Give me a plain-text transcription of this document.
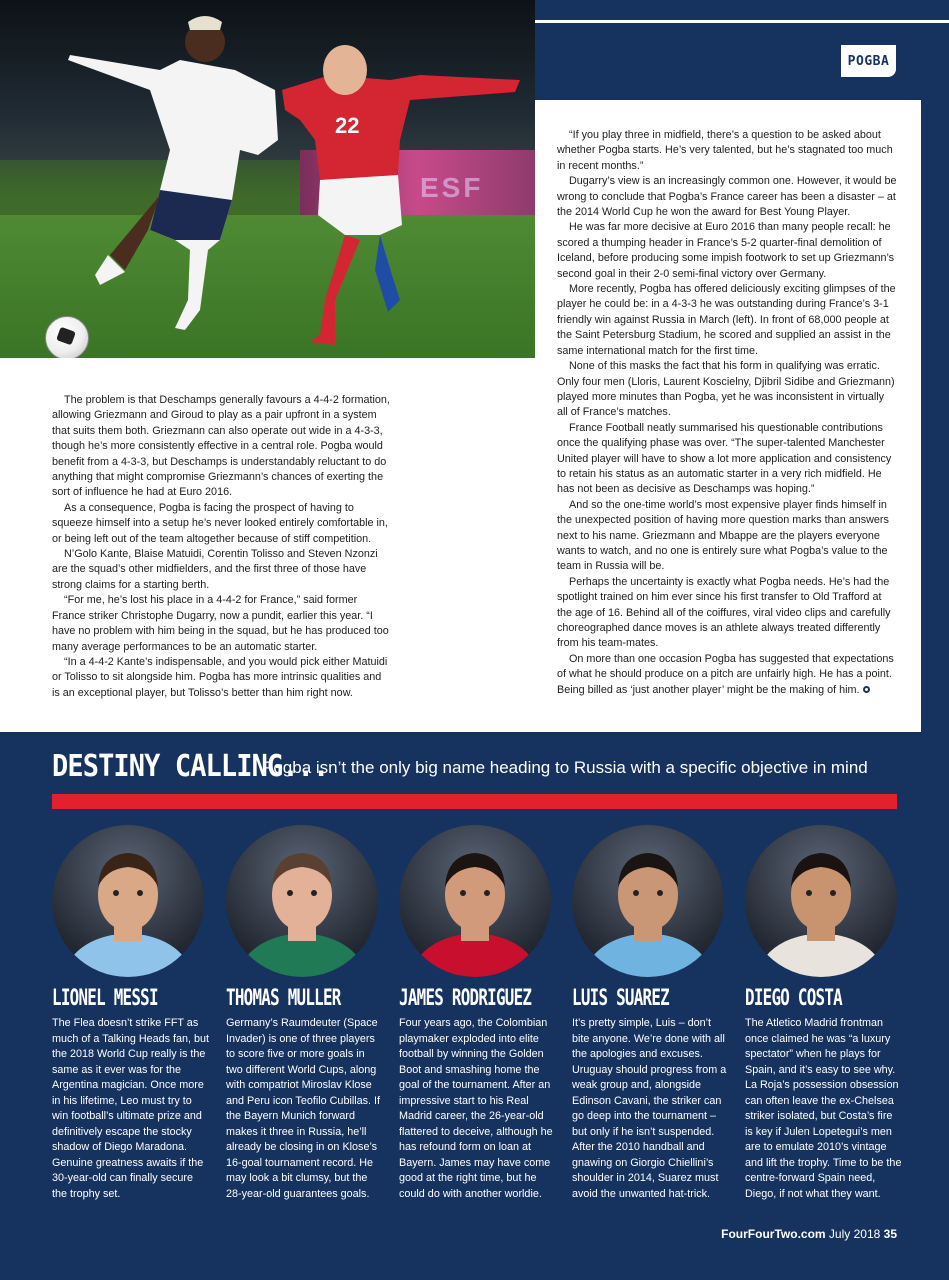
ESF
22
POGBA

The problem is that Deschamps generally favours a 4-4-2 formation, allowing Griezmann and Giroud to play as a pair upfront in a system that suits them both. Griezmann can also operate out wide in a 4-3-3, though he’s more consistently effective in a central role. Pogba would benefit from a 4-3-3, but Deschamps is understandably reluctant to do anything that might compromise Griezmann’s chances of exerting the sort of influence he had at Euro 2016.

As a consequence, Pogba is facing the prospect of having to squeeze himself into a setup he’s never looked entirely comfortable in, or being left out of the team altogether because of stiff competition.

N’Golo Kante, Blaise Matuidi, Corentin Tolisso and Steven Nzonzi are the squad’s other midfielders, and the first three of those have strong claims for a starting berth.

“For me, he’s lost his place in a 4-4-2 for France,” said former France striker Christophe Dugarry, now a pundit, earlier this year. “I have no problem with him being in the squad, but he has produced too many average performances to be an automatic starter.

“In a 4-4-2 Kante’s indispensable, and you would pick either Matuidi or Tolisso to sit alongside him. Pogba has more intrinsic qualities and is an exceptional player, but Tolisso’s better than him right now.

“If you play three in midfield, there’s a question to be asked about whether Pogba starts. He’s very talented, but he’s stagnated too much in recent months.”

Dugarry’s view is an increasingly common one. However, it would be wrong to conclude that Pogba’s France career has been a disaster – at the 2014 World Cup he won the award for Best Young Player.

He was far more decisive at Euro 2016 than many people recall: he scored a thumping header in France’s 5-2 quarter-final demolition of Iceland, before producing some impish footwork to set up Griezmann’s second goal in their 2-0 semi-final victory over Germany.

More recently, Pogba has offered deliciously exciting glimpses of the player he could be: in a 4-3-3 he was outstanding during France’s 3-1 friendly win against Russia in March (left). In front of 68,000 people at the Saint Petersburg Stadium, he scored and supplied an assist in the same international match for the first time.

None of this masks the fact that his form in qualifying was erratic. Only four men (Lloris, Laurent Koscielny, Djibril Sidibe and Griezmann) played more minutes than Pogba, yet he was inconsistent in virtually all of France’s matches.

France Football neatly summarised his questionable contributions once the qualifying phase was over. “The super-talented Manchester United player will have to show a lot more application and consistency to retain his status as an automatic starter in a very rich midfield. He has not been as decisive as Deschamps was hoping.”

And so the one-time world’s most expensive player finds himself in the unexpected position of having more question marks than answers next to his name. Griezmann and Mbappe are the players everyone wants to watch, and no one is entirely sure what Pogba’s value to the team in Russia will be.

Perhaps the uncertainty is exactly what Pogba needs. He’s had the spotlight trained on him ever since his first transfer to Old Trafford at the age of 16. Behind all of the coiffures, viral video clips and carefully choreographed dance moves is an athlete always treated differently from his team-mates.

On more than one occasion Pogba has suggested that expectations of what he should produce on a pitch are unfairly high. He has a point. Being billed as ‘just another player’ might be the making of him.

DESTINY CALLING...
Pogba isn’t the only big name heading to Russia with a specific objective in mind
LIONEL MESSI
The Flea doesn’t strike FFT as much of a Talking Heads fan, but the 2018 World Cup really is the same as it ever was for the Argentina magician. Once more in his lifetime, Leo must try to win football’s ultimate prize and definitively escape the stocky shadow of Diego Maradona. Genuine greatness awaits if the 30-year-old can finally secure the trophy set.
THOMAS MULLER
Germany’s Raumdeuter (Space Invader) is one of three players to score five or more goals in two different World Cups, along with compatriot Miroslav Klose and Peru icon Teofilo Cubillas. If the Bayern Munich forward makes it three in Russia, he’ll already be closing in on Klose’s 16-goal tournament record. He may look a bit clumsy, but the 28-year-old guarantees goals.
JAMES RODRIGUEZ
Four years ago, the Colombian playmaker exploded into elite football by winning the Golden Boot and smashing home the goal of the tournament. After an impressive start to his Real Madrid career, the 26-year-old flattered to deceive, although he has refound form on loan at Bayern. James may have come good at the right time, but he could do with another worldie.
LUIS SUAREZ
It’s pretty simple, Luis – don’t bite anyone. We’re done with all the apologies and excuses. Uruguay should progress from a weak group and, alongside Edinson Cavani, the striker can go deep into the tournament – but only if he isn’t suspended. After the 2010 handball and gnawing on Giorgio Chiellini’s shoulder in 2014, Suarez must avoid the unwanted hat-trick.
DIEGO COSTA
The Atletico Madrid frontman once claimed he was “a luxury spectator” when he plays for Spain, and it’s easy to see why. La Roja’s possession obsession can often leave the ex-Chelsea striker isolated, but Costa’s fire is key if Julen Lopetegui’s men are to emulate 2010’s vintage and lift the trophy. Time to be the centre-forward Spain need, Diego, if not what they want.
FourFourTwo.com July 2018 35
